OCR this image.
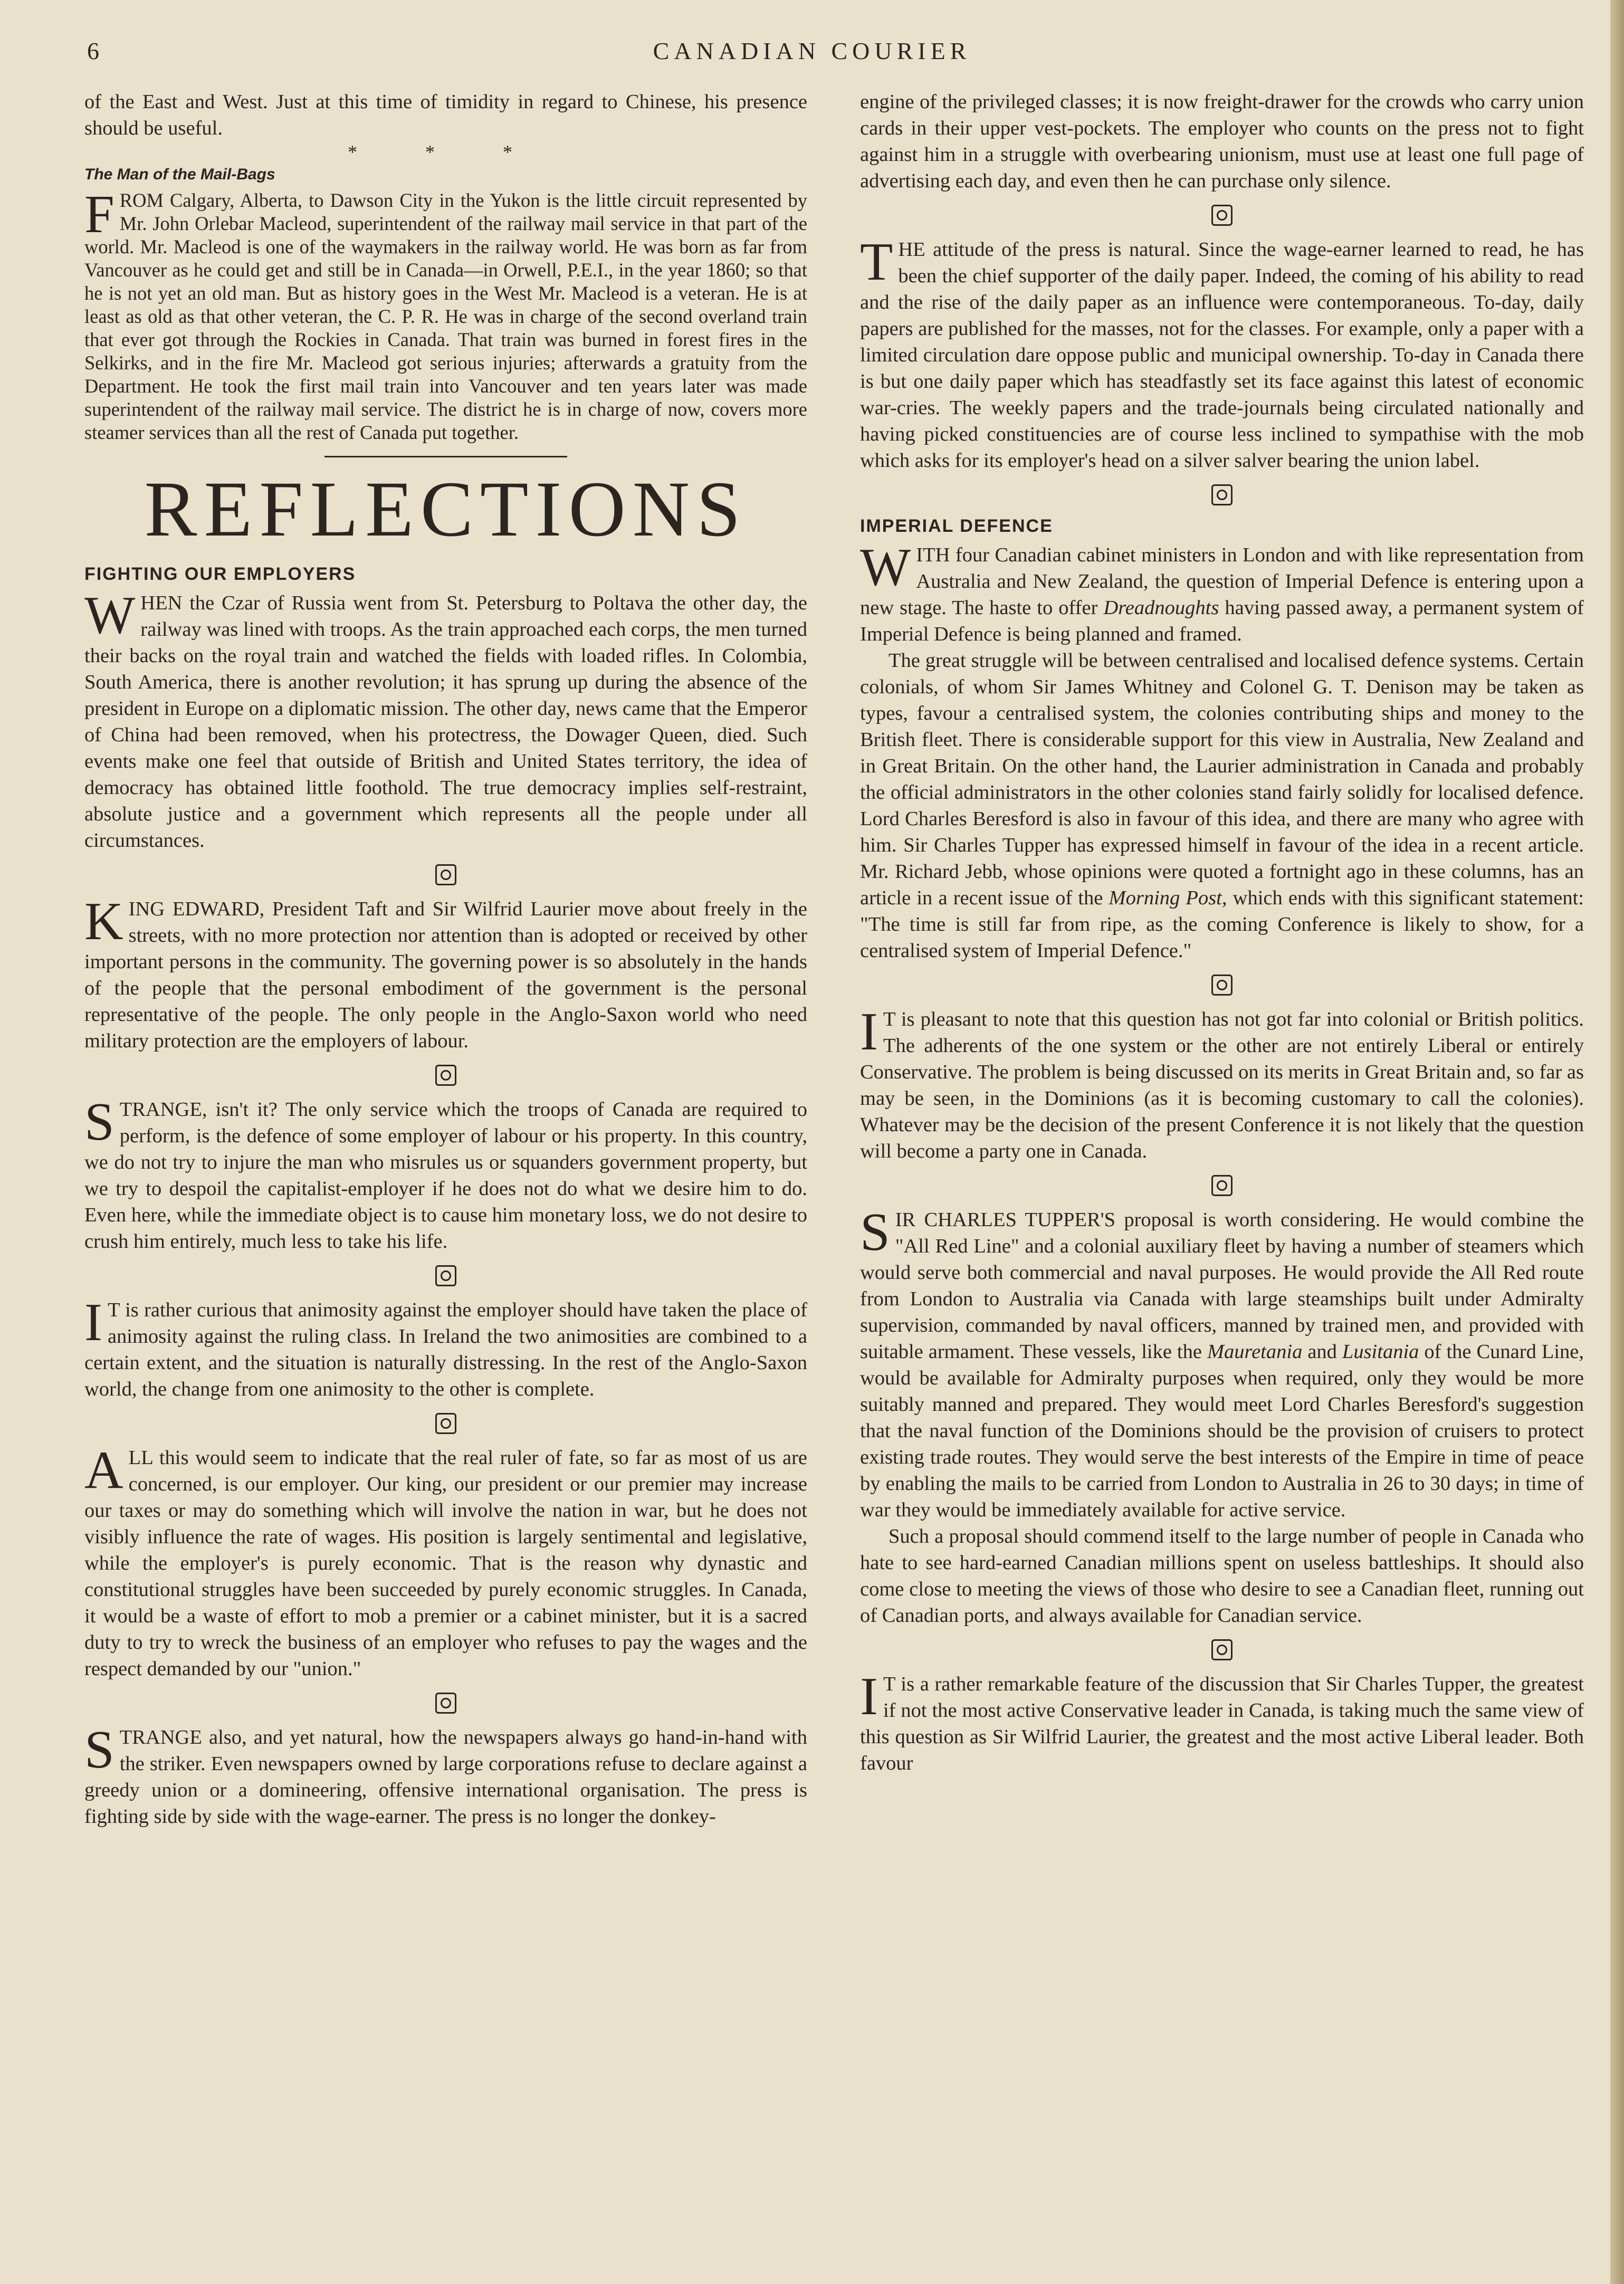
CANADIAN COURIER
6

of the East and West. Just at this time of timidity in regard to Chinese, his presence should be useful.

* * *
The Man of the Mail-Bags

FROM Calgary, Alberta, to Dawson City in the Yukon is the little circuit represented by Mr. John Orlebar Macleod, superintendent of the railway mail service in that part of the world. Mr. Macleod is one of the waymakers in the railway world. He was born as far from Vancouver as he could get and still be in Canada—in Orwell, P.E.I., in the year 1860; so that he is not yet an old man. But as history goes in the West Mr. Macleod is a veteran. He is at least as old as that other veteran, the C. P. R. He was in charge of the second overland train that ever got through the Rockies in Canada. That train was burned in forest fires in the Selkirks, and in the fire Mr. Macleod got serious injuries; afterwards a gratuity from the Department. He took the first mail train into Vancouver and ten years later was made superintendent of the railway mail service. The district he is in charge of now, covers more steamer services than all the rest of Canada put together.

REFLECTIONS
FIGHTING OUR EMPLOYERS

WHEN the Czar of Russia went from St. Petersburg to Poltava the other day, the railway was lined with troops. As the train approached each corps, the men turned their backs on the royal train and watched the fields with loaded rifles. In Colombia, South America, there is another revolution; it has sprung up during the absence of the president in Europe on a diplomatic mission. The other day, news came that the Emperor of China had been removed, when his protectress, the Dowager Queen, died. Such events make one feel that outside of British and United States territory, the idea of democracy has obtained little foothold. The true democracy implies self-restraint, absolute justice and a government which represents all the people under all circumstances.

KING EDWARD, President Taft and Sir Wilfrid Laurier move about freely in the streets, with no more protection nor attention than is adopted or received by other important persons in the community. The governing power is so absolutely in the hands of the people that the personal embodiment of the government is the personal representative of the people. The only people in the Anglo-Saxon world who need military protection are the employers of labour.

STRANGE, isn't it? The only service which the troops of Canada are required to perform, is the defence of some employer of labour or his property. In this country, we do not try to injure the man who misrules us or squanders government property, but we try to despoil the capitalist-employer if he does not do what we desire him to do. Even here, while the immediate object is to cause him monetary loss, we do not desire to crush him entirely, much less to take his life.

I T is rather curious that animosity against the employer should have taken the place of animosity against the ruling class. In Ireland the two animosities are combined to a certain extent, and the situation is naturally distressing. In the rest of the Anglo-Saxon world, the change from one animosity to the other is complete.

ALL this would seem to indicate that the real ruler of fate, so far as most of us are concerned, is our employer. Our king, our president or our premier may increase our taxes or may do something which will involve the nation in war, but he does not visibly influence the rate of wages. His position is largely sentimental and legislative, while the employer's is purely economic. That is the reason why dynastic and constitutional struggles have been succeeded by purely economic struggles. In Canada, it would be a waste of effort to mob a premier or a cabinet minister, but it is a sacred duty to try to wreck the business of an employer who refuses to pay the wages and the respect demanded by our "union."

STRANGE also, and yet natural, how the newspapers always go hand-in-hand with the striker. Even newspapers owned by large corporations refuse to declare against a greedy union or a domineering, offensive international organisation. The press is fighting side by side with the wage-earner. The press is no longer the donkey-

engine of the privileged classes; it is now freight-drawer for the crowds who carry union cards in their upper vest-pockets. The employer who counts on the press not to fight against him in a struggle with overbearing unionism, must use at least one full page of advertising each day, and even then he can purchase only silence.

THE attitude of the press is natural. Since the wage-earner learned to read, he has been the chief supporter of the daily paper. Indeed, the coming of his ability to read and the rise of the daily paper as an influence were contemporaneous. To-day, daily papers are published for the masses, not for the classes. For example, only a paper with a limited circulation dare oppose public and municipal ownership. To-day in Canada there is but one daily paper which has steadfastly set its face against this latest of economic war-cries. The weekly papers and the trade-journals being circulated nationally and having picked constituencies are of course less inclined to sympathise with the mob which asks for its employer's head on a silver salver bearing the union label.

IMPERIAL DEFENCE

WITH four Canadian cabinet ministers in London and with like representation from Australia and New Zealand, the question of Imperial Defence is entering upon a new stage. The haste to offer Dreadnoughts having passed away, a permanent system of Imperial Defence is being planned and framed.

The great struggle will be between centralised and localised defence systems. Certain colonials, of whom Sir James Whitney and Colonel G. T. Denison may be taken as types, favour a centralised system, the colonies contributing ships and money to the British fleet. There is considerable support for this view in Australia, New Zealand and in Great Britain. On the other hand, the Laurier administration in Canada and probably the official administrators in the other colonies stand fairly solidly for localised defence. Lord Charles Beresford is also in favour of this idea, and there are many who agree with him. Sir Charles Tupper has expressed himself in favour of the idea in a recent article. Mr. Richard Jebb, whose opinions were quoted a fortnight ago in these columns, has an article in a recent issue of the Morning Post, which ends with this significant statement: "The time is still far from ripe, as the coming Conference is likely to show, for a centralised system of Imperial Defence."

I T is pleasant to note that this question has not got far into colonial or British politics. The adherents of the one system or the other are not entirely Liberal or entirely Conservative. The problem is being discussed on its merits in Great Britain and, so far as may be seen, in the Dominions (as it is becoming customary to call the colonies). Whatever may be the decision of the present Conference it is not likely that the question will become a party one in Canada.

SIR CHARLES TUPPER'S proposal is worth considering. He would combine the "All Red Line" and a colonial auxiliary fleet by having a number of steamers which would serve both commercial and naval purposes. He would provide the All Red route from London to Australia via Canada with large steamships built under Admiralty supervision, commanded by naval officers, manned by trained men, and provided with suitable armament. These vessels, like the Mauretania and Lusitania of the Cunard Line, would be available for Admiralty purposes when required, only they would be more suitably manned and prepared. They would meet Lord Charles Beresford's suggestion that the naval function of the Dominions should be the provision of cruisers to protect existing trade routes. They would serve the best interests of the Empire in time of peace by enabling the mails to be carried from London to Australia in 26 to 30 days; in time of war they would be immediately available for active service.

Such a proposal should commend itself to the large number of people in Canada who hate to see hard-earned Canadian millions spent on useless battleships. It should also come close to meeting the views of those who desire to see a Canadian fleet, running out of Canadian ports, and always available for Canadian service.

I T is a rather remarkable feature of the discussion that Sir Charles Tupper, the greatest if not the most active Conservative leader in Canada, is taking much the same view of this question as Sir Wilfrid Laurier, the greatest and the most active Liberal leader. Both favour
